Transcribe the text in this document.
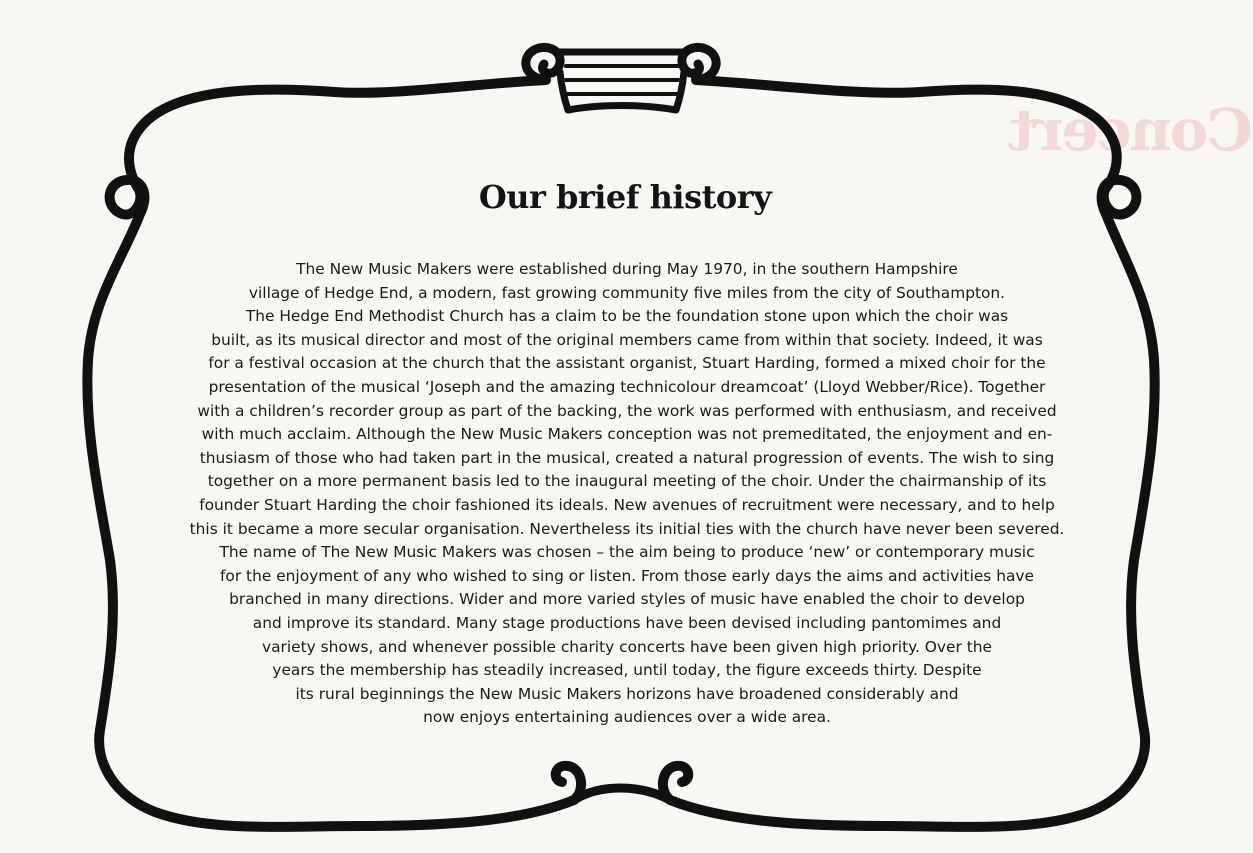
Concert
Our brief history
The New Music Makers were established during May 1970, in the southern Hampshire
village of Hedge End, a modern, fast growing community five miles from the city of Southampton.
The Hedge End Methodist Church has a claim to be the foundation stone upon which the choir was
built, as its musical director and most of the original members came from within that society. Indeed, it was
for a festival occasion at the church that the assistant organist, Stuart Harding, formed a mixed choir for the
presentation of the musical ‘Joseph and the amazing technicolour dreamcoat’ (Lloyd Webber/Rice). Together
with a children’s recorder group as part of the backing, the work was performed with enthusiasm, and received
with much acclaim. Although the New Music Makers conception was not premeditated, the enjoyment and en-
thusiasm of those who had taken part in the musical, created a natural progression of events. The wish to sing
together on a more permanent basis led to the inaugural meeting of the choir. Under the chairmanship of its
founder Stuart Harding the choir fashioned its ideals. New avenues of recruitment were necessary, and to help
this it became a more secular organisation. Nevertheless its initial ties with the church have never been severed.
The name of The New Music Makers was chosen – the aim being to produce ‘new’ or contemporary music
for the enjoyment of any who wished to sing or listen. From those early days the aims and activities have
branched in many directions. Wider and more varied styles of music have enabled the choir to develop
and improve its standard. Many stage productions have been devised including pantomimes and
variety shows, and whenever possible charity concerts have been given high priority. Over the
years the membership has steadily increased, until today, the figure exceeds thirty. Despite
its rural beginnings the New Music Makers horizons have broadened considerably and
now enjoys entertaining audiences over a wide area.
